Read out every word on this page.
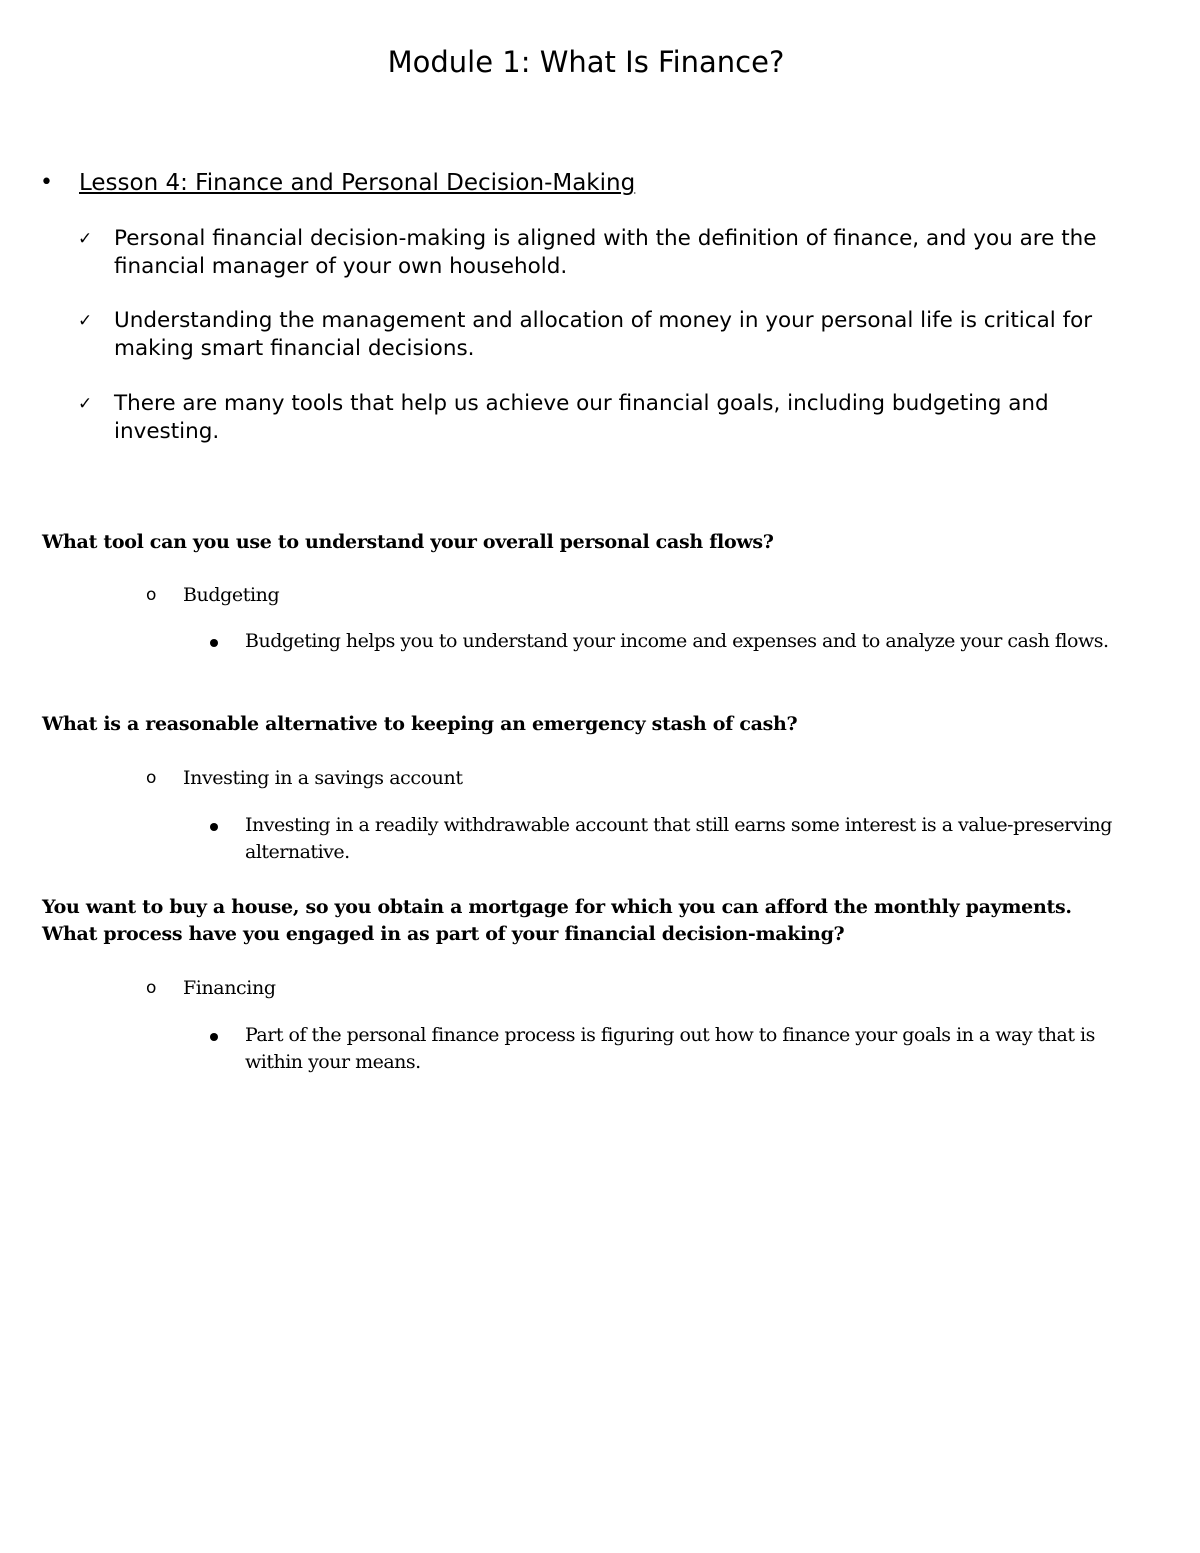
Module 1: What Is Finance?
• Lesson 4: Finance and Personal Decision-Making
✓ Personal financial decision-making is aligned with the definition of finance, and you are the financial manager of your own household.
✓ Understanding the management and allocation of money in your personal life is critical for making smart financial decisions.
✓ There are many tools that help us achieve our financial goals, including budgeting and investing.
What tool can you use to understand your overall personal cash flows?
o Budgeting
Budgeting helps you to understand your income and expenses and to analyze your cash flows.
What is a reasonable alternative to keeping an emergency stash of cash?
o Investing in a savings account
Investing in a readily withdrawable account that still earns some interest is a value-preserving alternative.
You want to buy a house, so you obtain a mortgage for which you can afford the monthly payments. What process have you engaged in as part of your financial decision-making?
o Financing
Part of the personal finance process is figuring out how to finance your goals in a way that is within your means.
